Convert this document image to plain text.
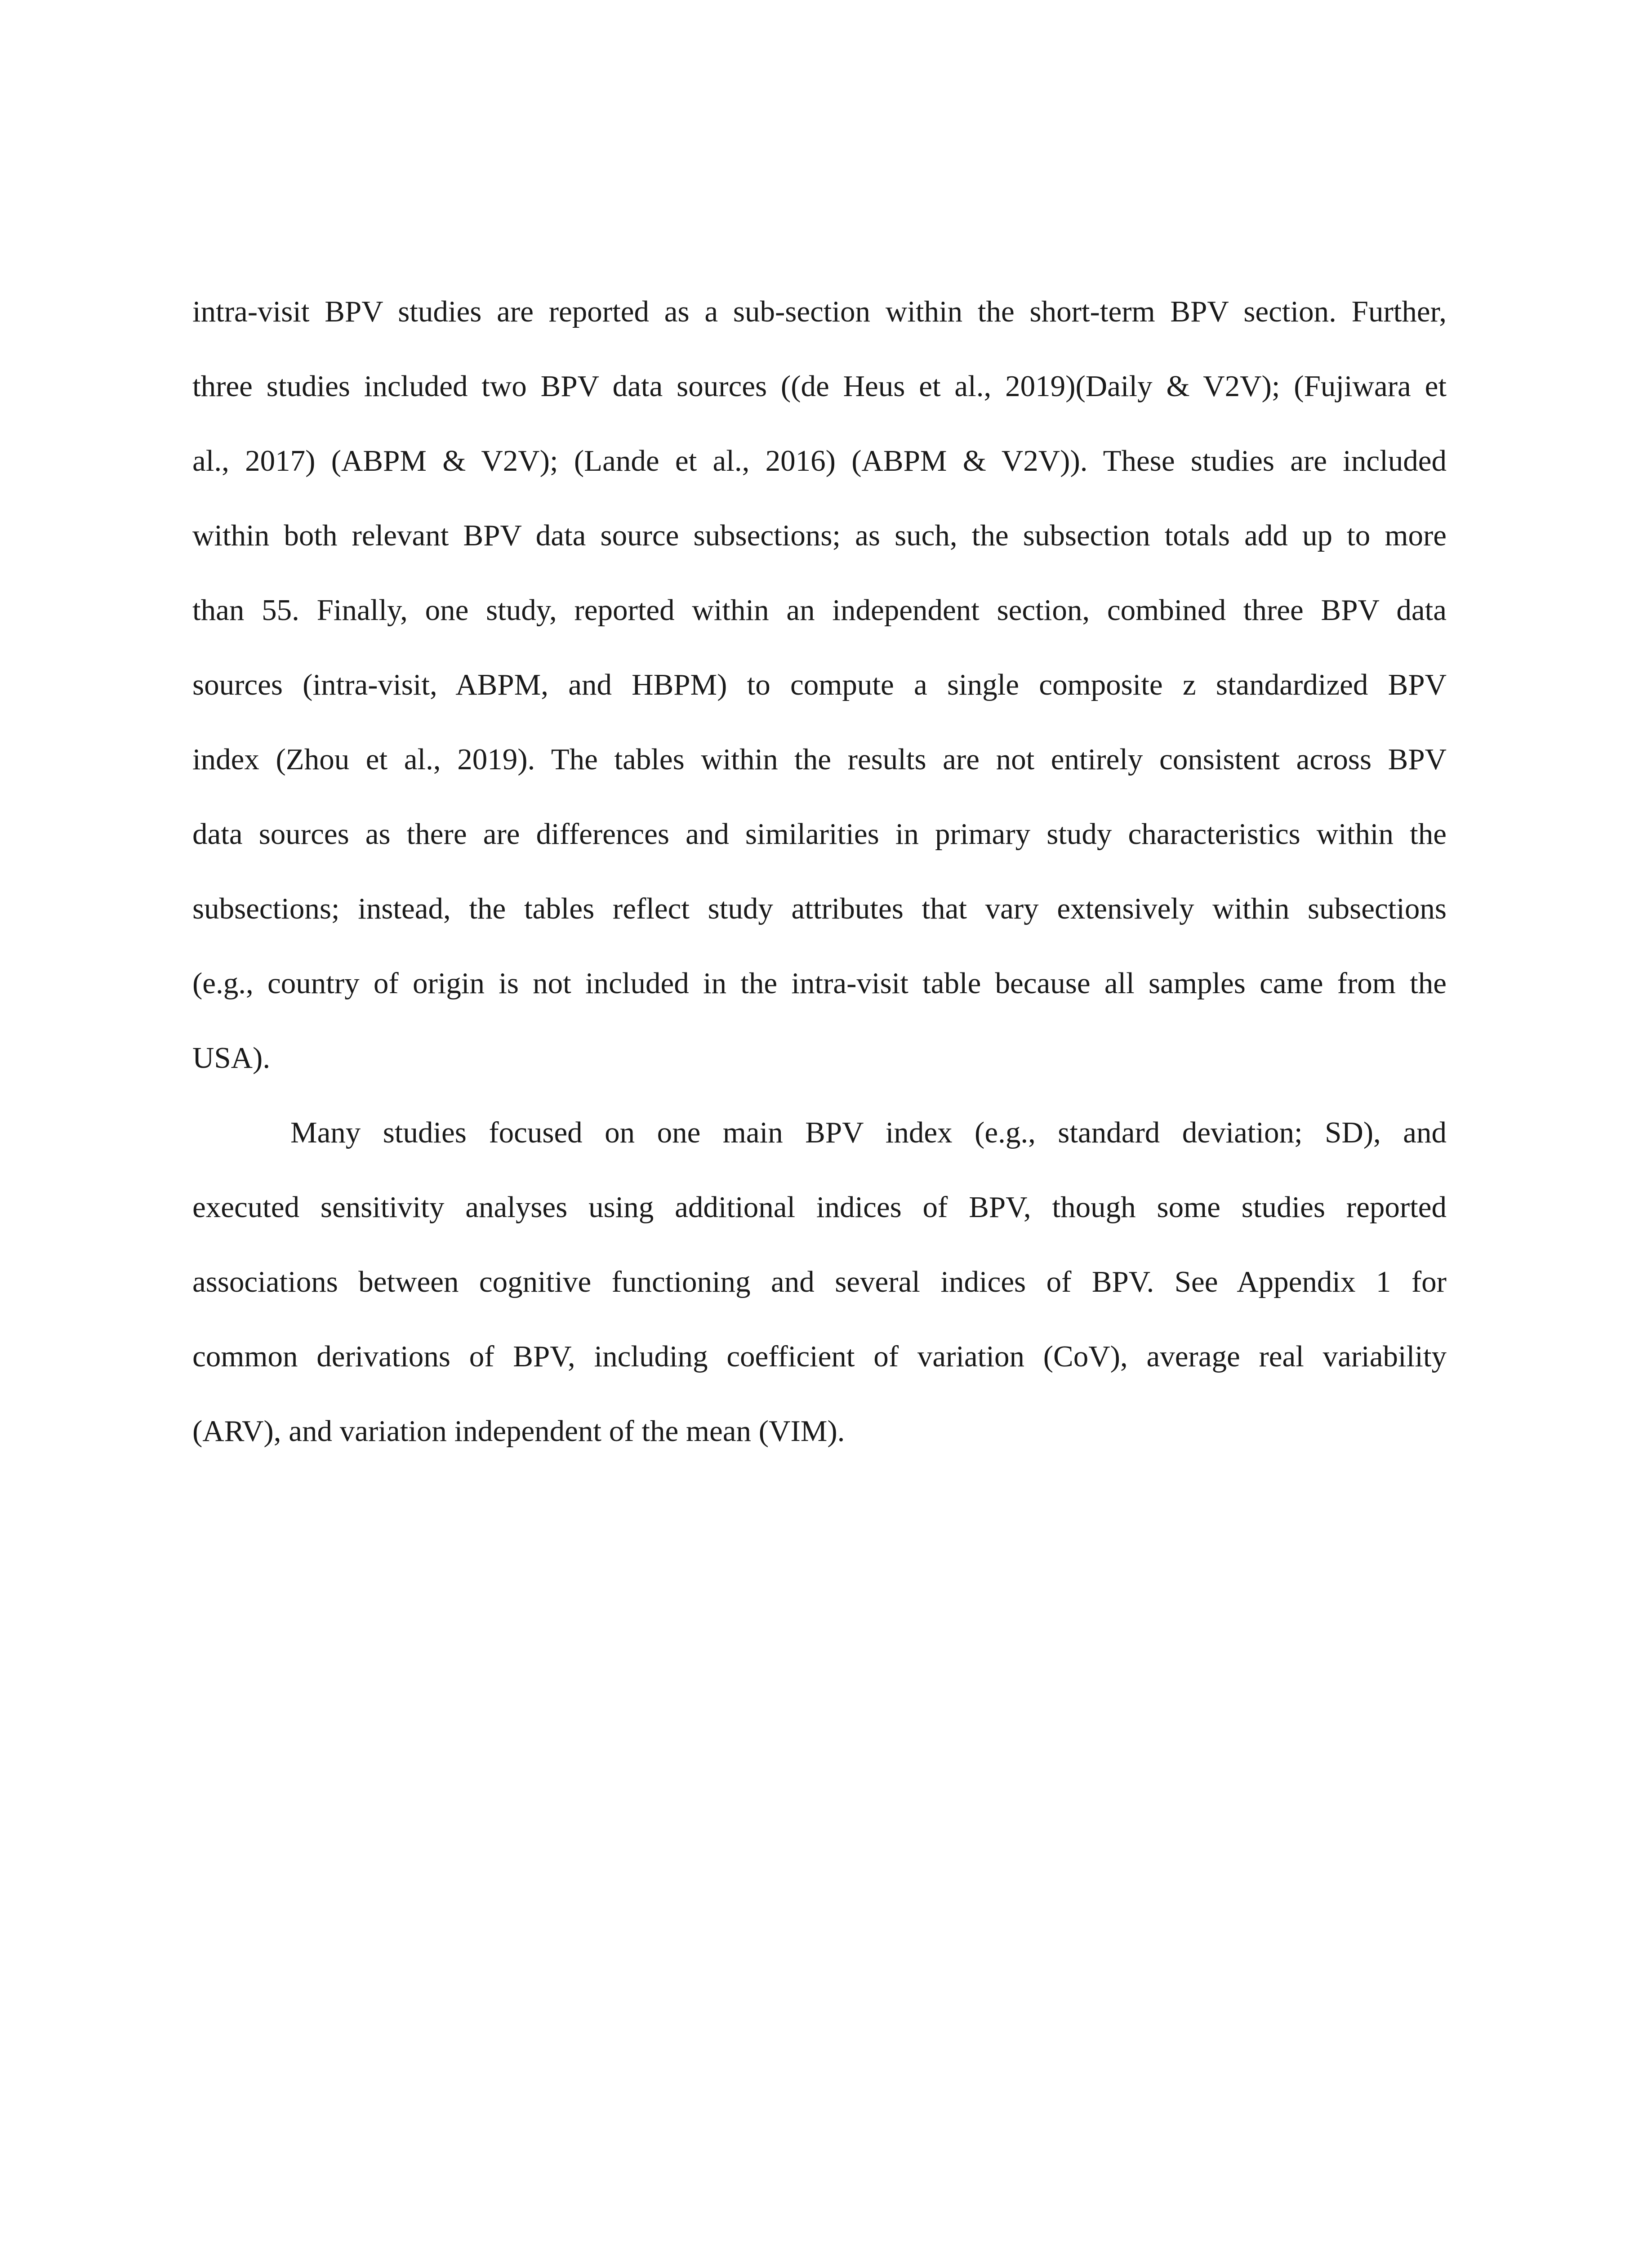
intra-visit BPV studies are reported as a sub-section within the short-term BPV section. Further,
three studies included two BPV data sources ((de Heus et al., 2019)(Daily & V2V); (Fujiwara et
al., 2017) (ABPM & V2V); (Lande et al., 2016) (ABPM & V2V)). These studies are included
within both relevant BPV data source subsections; as such, the subsection totals add up to more
than 55. Finally, one study, reported within an independent section, combined three BPV data
sources (intra-visit, ABPM, and HBPM) to compute a single composite z standardized BPV
index (Zhou et al., 2019). The tables within the results are not entirely consistent across BPV
data sources as there are differences and similarities in primary study characteristics within the
subsections; instead, the tables reflect study attributes that vary extensively within subsections
(e.g., country of origin is not included in the intra-visit table because all samples came from the
USA).
Many studies focused on one main BPV index (e.g., standard deviation; SD), and
executed sensitivity analyses using additional indices of BPV, though some studies reported
associations between cognitive functioning and several indices of BPV. See Appendix 1 for
common derivations of BPV, including coefficient of variation (CoV), average real variability
(ARV), and variation independent of the mean (VIM).
